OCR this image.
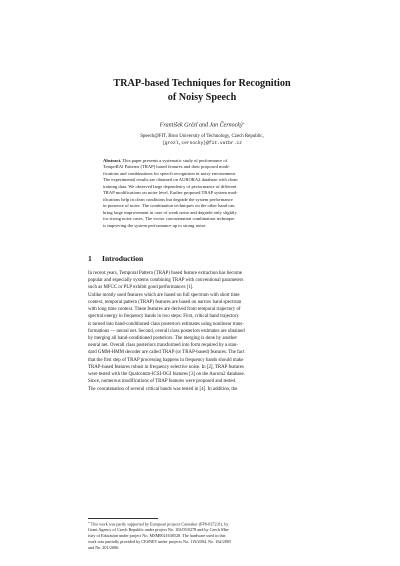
TRAP-based Techniques for Recognition
of Noisy Speech
František Grézl and Jan Černocký*
Speech@FIT, Brno University of Technology, Czech Republic,
{grezl,cernocky}@fit.vutbr.cz
Abstract. This paper presents a systematic study of performance of
TempoRAl Patterns (TRAP) based features and their proposed modi-
fications and combinations for speech recognition in noisy environment.
The experimental results are obtained on AURORA2 database with clean
training data. We observed large dependency of performance of different
TRAP modifications on noise level. Earlier proposed TRAP system mod-
ifications help in clean conditions but degrade the system performance
in presence of noise. The combination techniques on the other hand can
bring large improvement in case of weak noise and degrade only slightly
for strong noise cases. The vector concatenation combination technique
is improving the system performance up to strong noise.
1 Introduction
In recent years, Temporal Pattern (TRAP) based feature extraction has become
popular and especially systems combining TRAP with conventional parameters
such as MFCC or PLP exhibit good performances [1].
Unlike mostly used features which are based on full spectrum with short time
context, temporal pattern (TRAP) features are based on narrow band spectrum
with long time context. These features are derived from temporal trajectory of
spectral energy in frequency bands in two steps: First, critical band trajectory
is turned into band-conditioned class posteriors estimates using nonlinear trans-
formations — neural net. Second, overall class posteriors estimates are obtained
by merging all band-conditioned posteriors. The merging is done by another
neural net. Overall class posteriors transformed into form required by a stan-
dard GMM-HMM decoder are called TRAP (or TRAP-based) features. The fact
that the first step of TRAP processing happens in frequency bands should make
TRAP-based features robust in frequency selective noise. In [2], TRAP features
were tested with the Qualcomm-ICSI-OGI features [3] on the Aurora2 database.
Since, numerous modifications of TRAP features were proposed and tested.
The concatenation of several critical bands was tested in [4]. In addition, the
* This work was partly supported by European projects Caretaker (FP6-027231), by
Grant Agency of Czech Republic under project No. 102/05/0278 and by Czech Min-
istry of Education under project No. MSM0021630528. The hardware used in this
work was partially provided by CESNET under projects No. 119/2004, No. 162/2005
and No. 201/2006.
